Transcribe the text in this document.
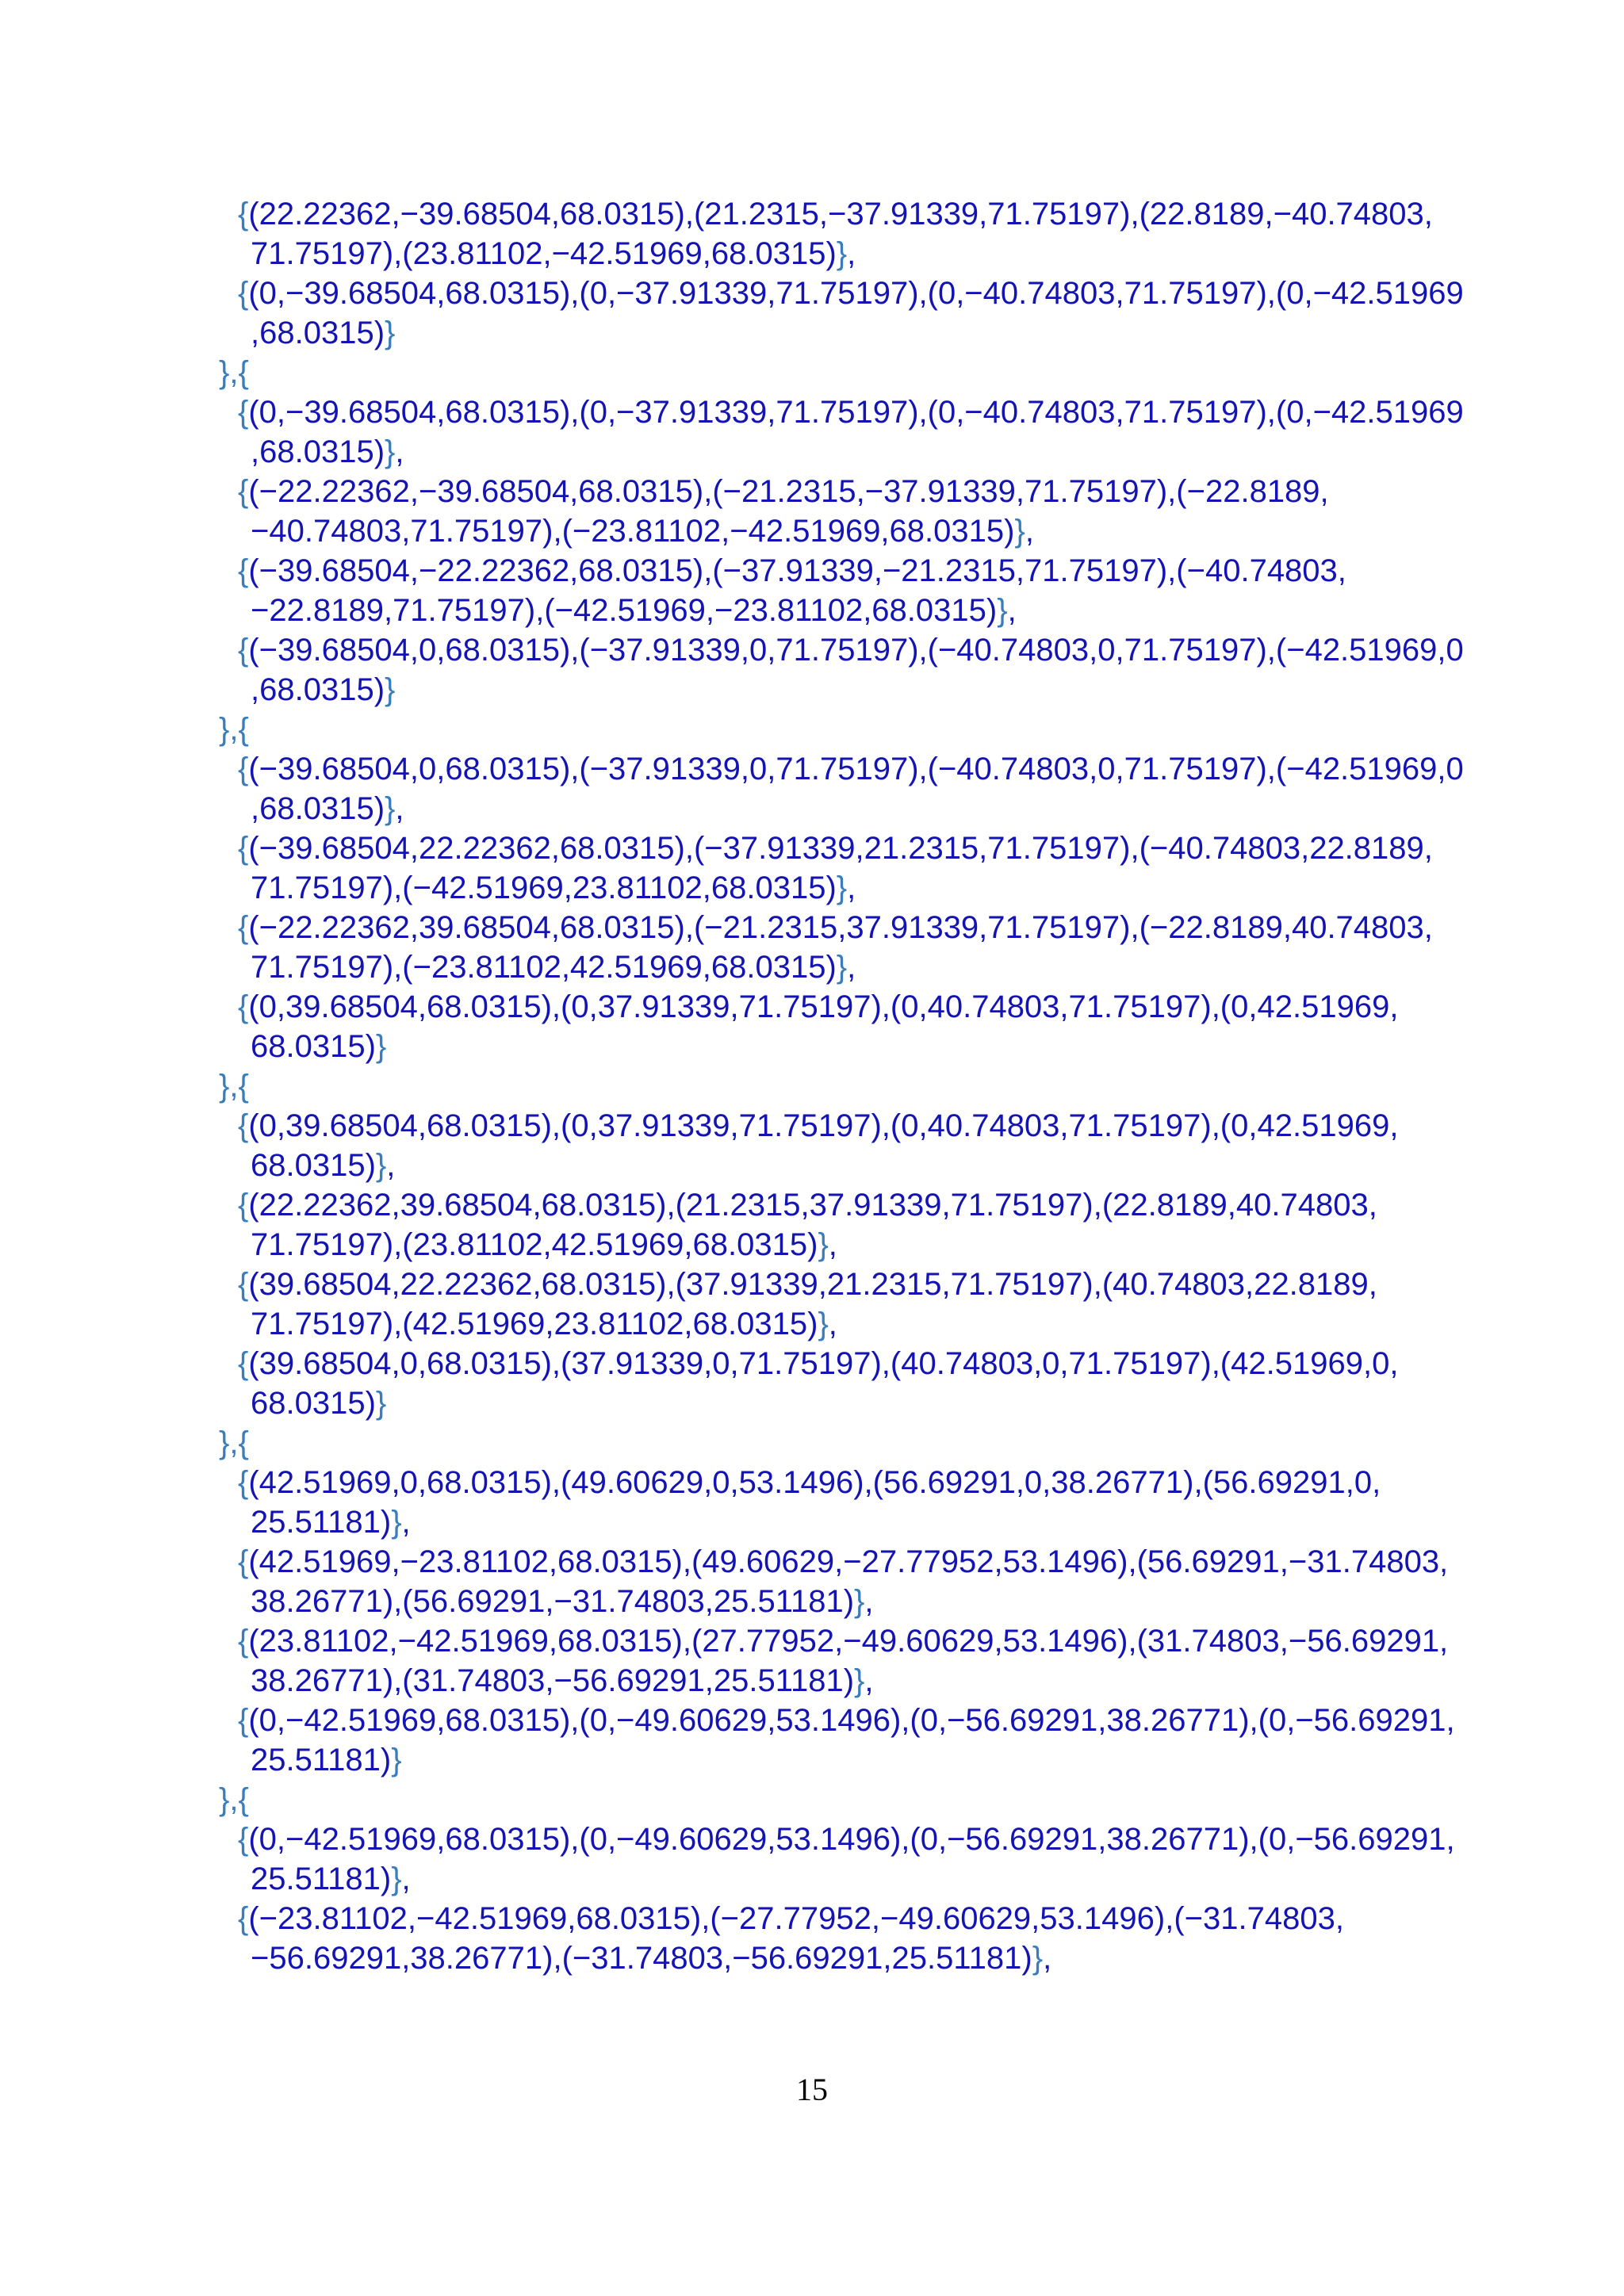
{(22.22362,−39.68504,68.0315),(21.2315,−37.91339,71.75197),(22.8189,−40.74803,
71.75197),(23.81102,−42.51969,68.0315)},
{(0,−39.68504,68.0315),(0,−37.91339,71.75197),(0,−40.74803,71.75197),(0,−42.51969
,68.0315)}
},{
{(0,−39.68504,68.0315),(0,−37.91339,71.75197),(0,−40.74803,71.75197),(0,−42.51969
,68.0315)},
{(−22.22362,−39.68504,68.0315),(−21.2315,−37.91339,71.75197),(−22.8189,
−40.74803,71.75197),(−23.81102,−42.51969,68.0315)},
{(−39.68504,−22.22362,68.0315),(−37.91339,−21.2315,71.75197),(−40.74803,
−22.8189,71.75197),(−42.51969,−23.81102,68.0315)},
{(−39.68504,0,68.0315),(−37.91339,0,71.75197),(−40.74803,0,71.75197),(−42.51969,0
,68.0315)}
},{
{(−39.68504,0,68.0315),(−37.91339,0,71.75197),(−40.74803,0,71.75197),(−42.51969,0
,68.0315)},
{(−39.68504,22.22362,68.0315),(−37.91339,21.2315,71.75197),(−40.74803,22.8189,
71.75197),(−42.51969,23.81102,68.0315)},
{(−22.22362,39.68504,68.0315),(−21.2315,37.91339,71.75197),(−22.8189,40.74803,
71.75197),(−23.81102,42.51969,68.0315)},
{(0,39.68504,68.0315),(0,37.91339,71.75197),(0,40.74803,71.75197),(0,42.51969,
68.0315)}
},{
{(0,39.68504,68.0315),(0,37.91339,71.75197),(0,40.74803,71.75197),(0,42.51969,
68.0315)},
{(22.22362,39.68504,68.0315),(21.2315,37.91339,71.75197),(22.8189,40.74803,
71.75197),(23.81102,42.51969,68.0315)},
{(39.68504,22.22362,68.0315),(37.91339,21.2315,71.75197),(40.74803,22.8189,
71.75197),(42.51969,23.81102,68.0315)},
{(39.68504,0,68.0315),(37.91339,0,71.75197),(40.74803,0,71.75197),(42.51969,0,
68.0315)}
},{
{(42.51969,0,68.0315),(49.60629,0,53.1496),(56.69291,0,38.26771),(56.69291,0,
25.51181)},
{(42.51969,−23.81102,68.0315),(49.60629,−27.77952,53.1496),(56.69291,−31.74803,
38.26771),(56.69291,−31.74803,25.51181)},
{(23.81102,−42.51969,68.0315),(27.77952,−49.60629,53.1496),(31.74803,−56.69291,
38.26771),(31.74803,−56.69291,25.51181)},
{(0,−42.51969,68.0315),(0,−49.60629,53.1496),(0,−56.69291,38.26771),(0,−56.69291,
25.51181)}
},{
{(0,−42.51969,68.0315),(0,−49.60629,53.1496),(0,−56.69291,38.26771),(0,−56.69291,
25.51181)},
{(−23.81102,−42.51969,68.0315),(−27.77952,−49.60629,53.1496),(−31.74803,
−56.69291,38.26771),(−31.74803,−56.69291,25.51181)},
15
